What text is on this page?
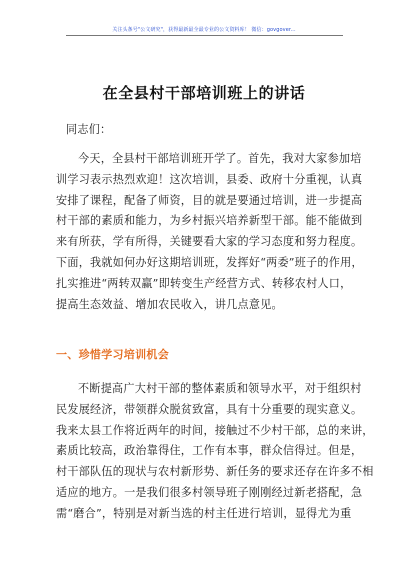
关注头条号"公文研究"，获得最新最全最专业的公文资料库！ 微信：govgover...
在全县村干部培训班上的讲话
同志们：
今天，全县村干部培训班开学了。首先，我对大家参加培
训学习表示热烈欢迎！这次培训，县委、政府十分重视，认真
安排了课程，配备了师资，目的就是要通过培训，进一步提高
村干部的素质和能力，为乡村振兴培养新型干部。能不能做到
来有所获，学有所得，关键要看大家的学习态度和努力程度。
下面，我就如何办好这期培训班，发挥好“两委”班子的作用，
扎实推进“两转双赢”即转变生产经营方式、转移农村人口，
提高生态效益、增加农民收入，讲几点意见。
一、珍惜学习培训机会
不断提高广大村干部的整体素质和领导水平，对于组织村
民发展经济，带领群众脱贫致富，具有十分重要的现实意义。
我来太县工作将近两年的时间，接触过不少村干部，总的来讲，
素质比较高，政治靠得住，工作有本事，群众信得过。但是，
村干部队伍的现状与农村新形势、新任务的要求还存在许多不相
适应的地方。一是我们很多村领导班子刚刚经过新老搭配，急
需“磨合”，特别是对新当选的村主任进行培训，显得尤为重
